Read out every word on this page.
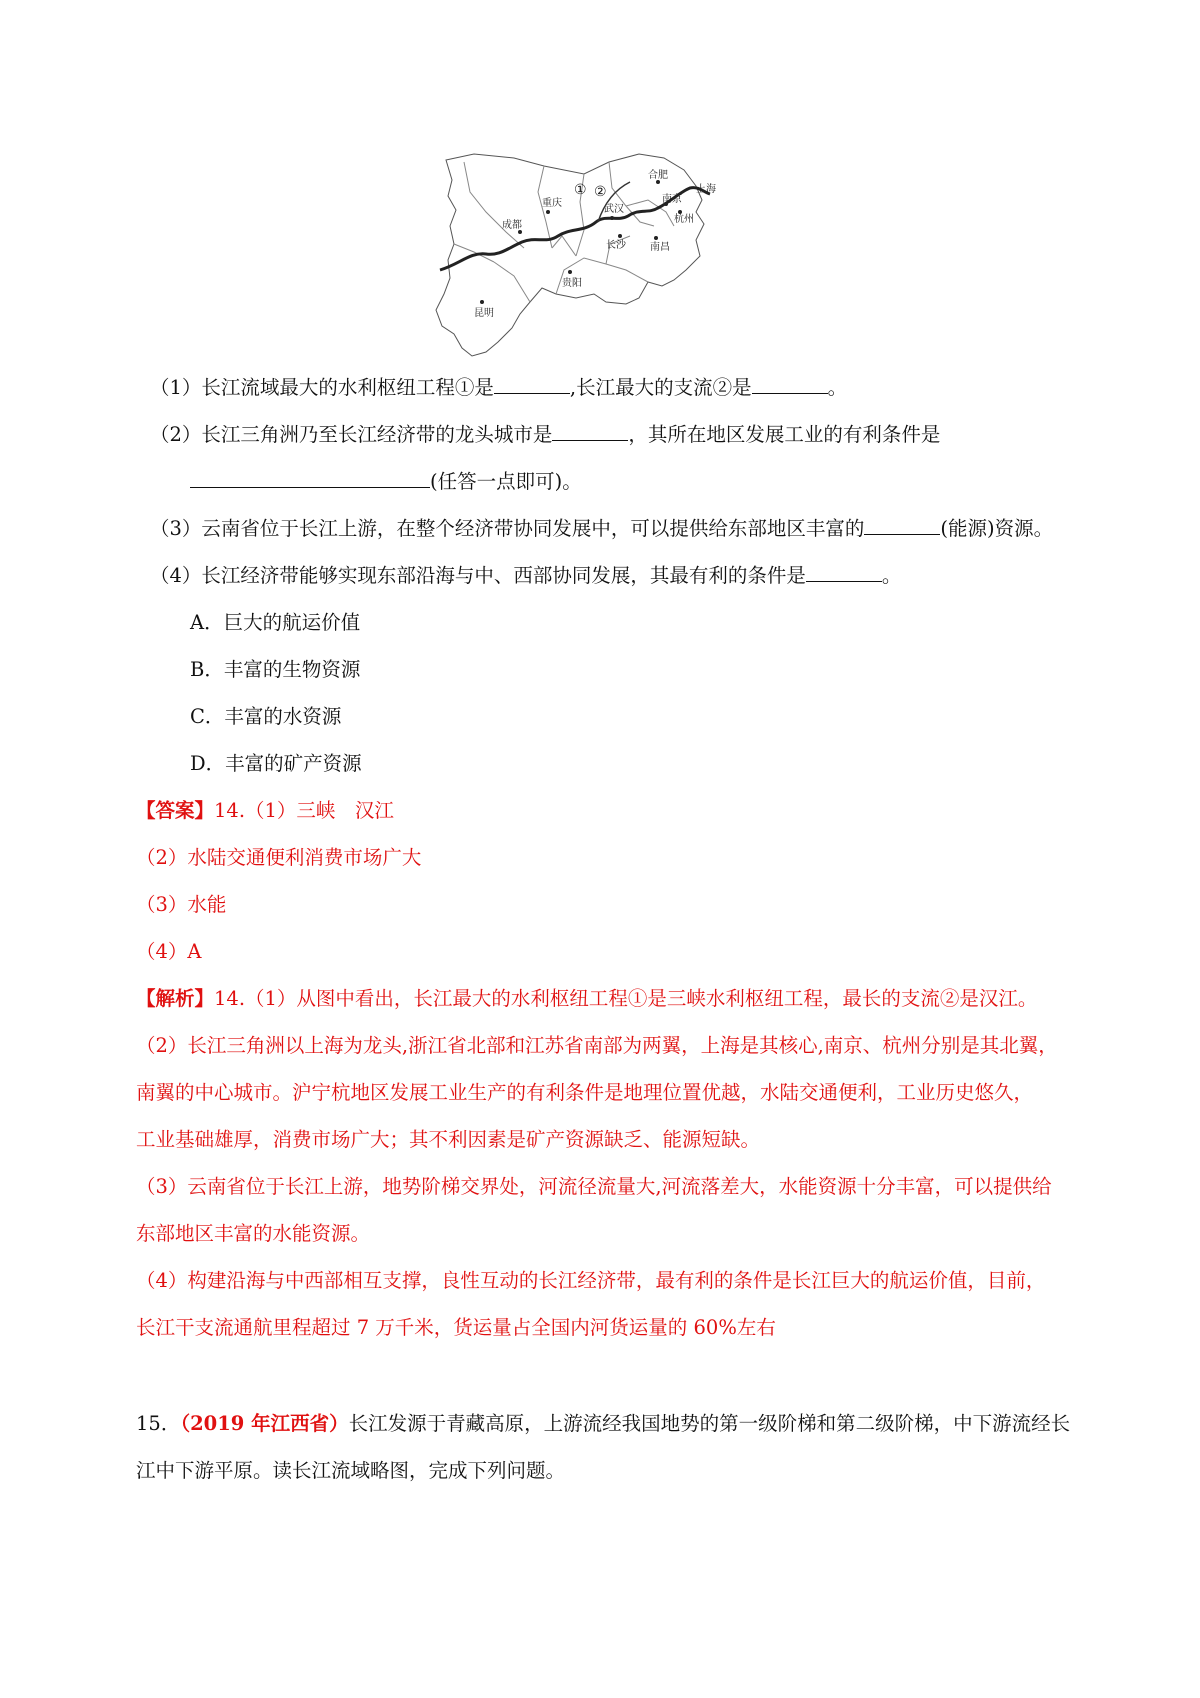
成都
重庆
① ②
武汉
合肥
南京
上海
杭州
长沙 南昌
贵阳
昆明
（1）长江流域最大的水利枢纽工程①是	,长江最大的支流②是	。
（2）长江三角洲乃至长江经济带的龙头城市是	，其所在地区发展工业的有利条件是
(任答一点即可)。
（3）云南省位于长江上游，在整个经济带协同发展中，可以提供给东部地区丰富的	(能源)资源。
（4）长江经济带能够实现东部沿海与中、西部协同发展，其最有利的条件是	。
A．巨大的航运价值
B．丰富的生物资源
C．丰富的水资源
D．丰富的矿产资源
【答案】14.（1）三峡　汉江
（2）水陆交通便利消费市场广大
（3）水能
（4）A
【解析】14.（1）从图中看出，长江最大的水利枢纽工程①是三峡水利枢纽工程，最长的支流②是汉江。
（2）长江三角洲以上海为龙头,浙江省北部和江苏省南部为两翼，上海是其核心,南京、杭州分别是其北翼，
南翼的中心城市。沪宁杭地区发展工业生产的有利条件是地理位置优越，水陆交通便利，工业历史悠久，
工业基础雄厚，消费市场广大；其不利因素是矿产资源缺乏、能源短缺。
（3）云南省位于长江上游，地势阶梯交界处，河流径流量大,河流落差大，水能资源十分丰富，可以提供给
东部地区丰富的水能资源。
（4）构建沿海与中西部相互支撑，良性互动的长江经济带，最有利的条件是长江巨大的航运价值，目前，
长江干支流通航里程超过 7 万千米，货运量占全国内河货运量的 60%左右
15．（2019 年江西省）长江发源于青藏高原，上游流经我国地势的第一级阶梯和第二级阶梯，中下游流经长
江中下游平原。读长江流域略图，完成下列问题。
